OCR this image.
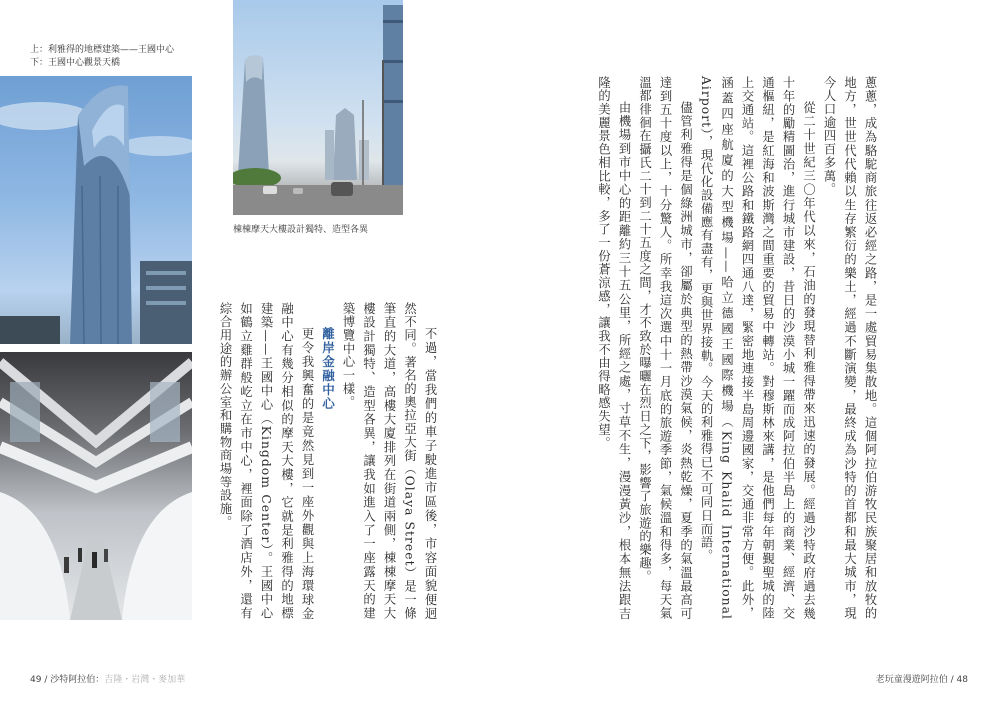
上：利雅得的地標建築——王國中心
下：王國中心觀景天橋
棟棟摩天大樓設計獨特、造型各異	蔥蔥，成為駱駝商旅往返必經之路，是一處貿易集散地。這個阿拉伯游牧民族聚居和放牧的地方，世世代代賴以生存繁衍的樂土，經過不斷演變，最終成為沙特的首都和最大城市，現今人口逾四百多萬。

從二十世紀三〇年代以來，石油的發現替利雅得帶來迅速的發展。經過沙特政府過去幾十年的勵精圖治，進行城市建設，昔日的沙漠小城一躍而成阿拉伯半島上的商業、經濟、交通樞紐，是紅海和波斯灣之間重要的貿易中轉站。對穆斯林來講，是他們每年朝覲聖城的陸上交通站。這裡公路和鐵路網四通八達，緊密地連接半島周邊國家，交通非常方便。此外，涵蓋四座航廈的大型機場——哈立德國王國際機場（King Khalid International Airport），現代化設備應有盡有，更與世界接軌。今天的利雅得已不可同日而語。

儘管利雅得是個綠洲城市，卻屬於典型的熱帶沙漠氣候，炎熱乾燥，夏季的氣溫最高可達到五十度以上，十分驚人。所幸我這次選中十一月底的旅遊季節，氣候溫和得多，每天氣溫都徘徊在攝氏二十到二十五度之間，才不致於曝曬在烈日之下，影響了旅遊的樂趣。

由機場到市中心的距離約三十五公里，所經之處，寸草不生，漫漫黃沙，根本無法跟吉隆的美麗景色相比較，多了一份蒼涼感，讓我不由得略感失望。

不過，當我們的車子駛進市區後，市容面貌便迥然不同。著名的奧拉亞大街（Olaya Street）是一條筆直的大道，高樓大廈排列在街道兩側，棟棟摩天大樓設計獨特、造型各異，讓我如進入了一座露天的建築博覽中心一樣。

離岸金融中心

更令我興奮的是竟然見到一座外觀與上海環球金融中心有幾分相似的摩天大樓，它就是利雅得的地標建築——王國中心（Kingdom Center）。王國中心如鶴立雞群般屹立在市中心，裡面除了酒店外，還有綜合用途的辦公室和購物商場等設施。

49 / 沙特阿拉伯：吉隆・岩灣・麥加華	老玩童漫遊阿拉伯 / 48
